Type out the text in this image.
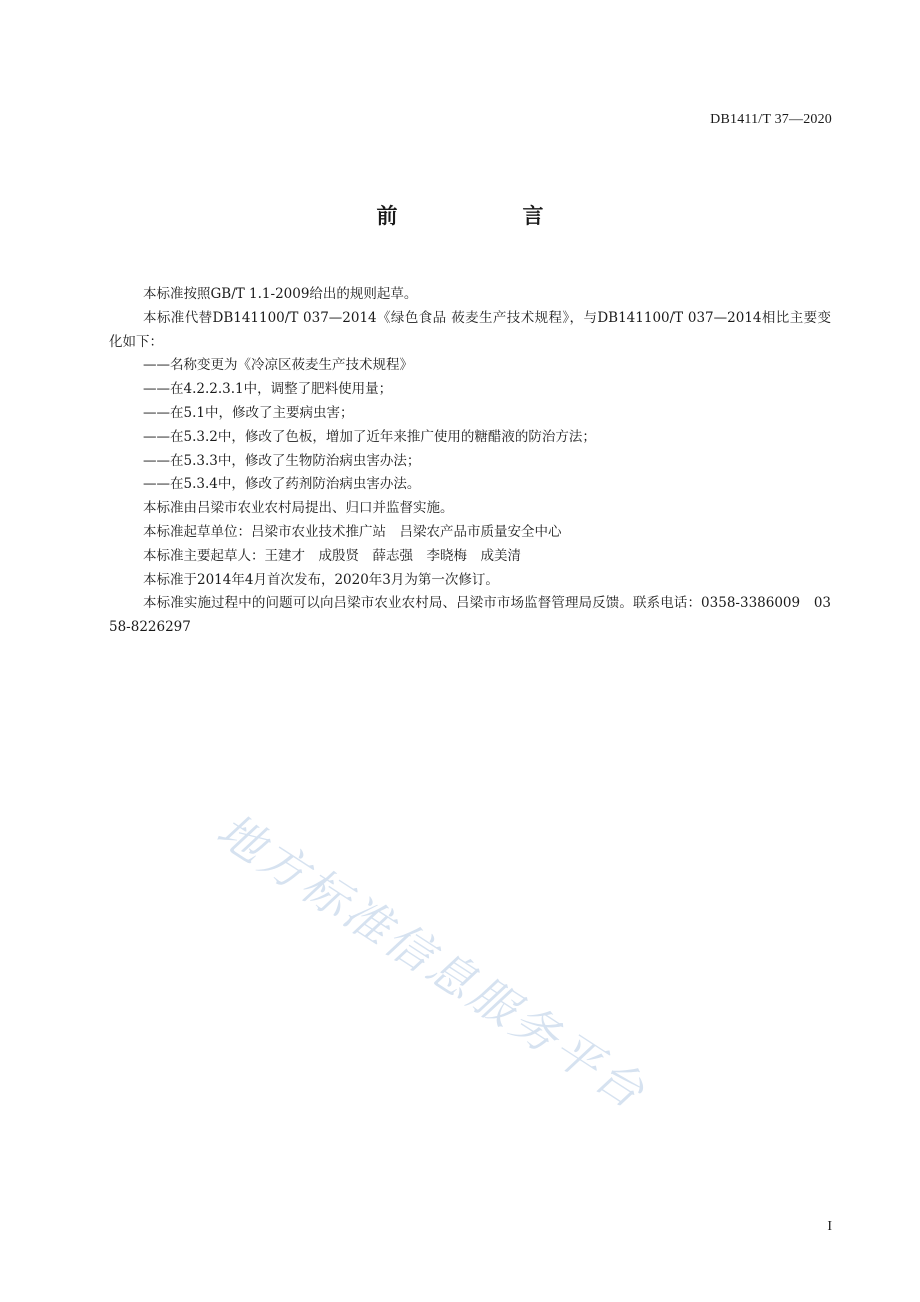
DB1411/T 37—2020
前　言

本标准按照GB/T 1.1-2009给出的规则起草。

本标准代替DB141100/T 037—2014《绿色食品 莜麦生产技术规程》，与DB141100/T 037—2014相比主要变化如下：

——名称变更为《冷凉区莜麦生产技术规程》

——在4.2.2.3.1中，调整了肥料使用量；

——在5.1中，修改了主要病虫害；

——在5.3.2中，修改了色板，增加了近年来推广使用的糖醋液的防治方法；

——在5.3.3中，修改了生物防治病虫害办法；

——在5.3.4中，修改了药剂防治病虫害办法。

本标准由吕梁市农业农村局提出、归口并监督实施。

本标准起草单位：吕梁市农业技术推广站　吕梁农产品市质量安全中心

本标准主要起草人：王建才　成殷贤　薛志强　李晓梅　成美清

本标准于2014年4月首次发布，2020年3月为第一次修订。

本标准实施过程中的问题可以向吕梁市农业农村局、吕梁市市场监督管理局反馈。联系电话：0358-3386009　0358-8226297

地方标准信息服务平台
I
